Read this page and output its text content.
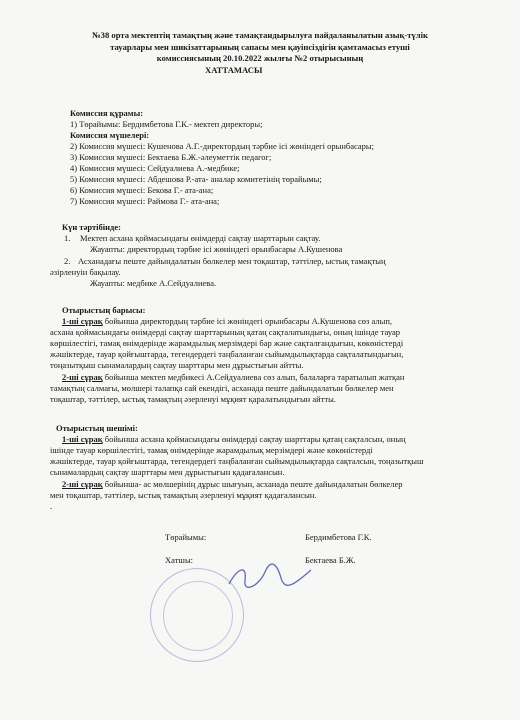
№38 орта мектептің тамақтың және тамақтандырылуға пайдаланылатын азық-түлік
тауарлары мен шикізаттарының сапасы мен қауіпсіздігін қамтамасыз етуші
комиссиясының 20.10.2022 жылғы №2 отырысының
ХАТТАМАСЫ
Комиссия құрамы:
1) Төрайымы: Бердимбетова Г.К.- мектеп директоры;
Комиссия мүшелері:
2) Комиссия мүшесі: Кушенова А.Г.-директордың тәрбие ісі жөніндегі орынбасары;
3) Комиссия мүшесі: Бектаева Б.Ж.-әлеуметтік педагог;
4) Комиссия мүшесі: Сейдуалиева А.-медбике;
5) Комиссия мүшесі: Абдешова Р.-ата- аналар комитетінің төрайымы;
6) Комиссия мүшесі: Бекова Г.- ата-ана;
7) Комиссия мүшесі: Раймова Г.- ата-ана;
Күн тәртібінде:
1. Мектеп асхана қоймасындағы өнімдерді сақтау шарттарын сақтау.
Жауапты: директордың тәрбие ісі жөніндегі орынбасары А.Кушенова
2. Асханадағы пеште дайындалатын бөлкелер мен тоқаштар, тәттілер, ыстық тамақтың
әзірленуін бақылау.
Жауапты: медбике А.Сейдуалиева.
Отырыстың барысы:
1-ші сұрақ бойынша директордың тәрбие ісі жөніндегі орынбасары А.Кушенова сөз алып,
асхана қоймасындағы өнімдерді сақтау шарттарының қатаң сақталатындығы, оның ішінде тауар
көршілестігі, тамақ өнімдерінде жарамдылық мерзімдері бар және сақталғандығын, көкөністерді
жәшіктерде, тауар қойғыштарда, тегендердегі таңбаланған сыйымдылықтарда сақталатындығын,
тоңазытқыш сынамалардың сақтау шарттары мен дұрыстығын айтты.
2-ші сұрақ бойынша мектеп медбикесі А.Сейдуалиева сөз алып, балаларға таратылып жатқан
тамақтың салмағы, мөлшері талапқа сай екендігі, асханада пеште дайындалатын бөлкелер мен
тоқаштар, тәттілер, ыстық тамақтың әзерленуі мұқият қаралатындығын айтты.
Отырыстың шешімі:
1-ші сұрақ бойынша асхана қоймасындағы өнімдерді сақтау шарттары қатаң сақталсын, оның
ішінде тауар көршілестігі, тамақ өнімдерінде жарамдылық мерзімдері және көкөністерді
жәшіктерде, тауар қойғыштарда, тегендердегі таңбаланған сыйымдылықтарда сақталсын, тоңазытқыш
сынамалардың сақтау шарттары мен дұрыстығын қадағалансын.
2-ші сұрақ бойынша- ас мөлшерінің дұрыс шығуын, асханада пеште дайындалатын бөлкелер
мен тоқаштар, тәттілер, ыстық тамақтың әзерленуі мұқият қадағалансын.
.
Төрайымы:	Бердимбетова Г.К.
Хатшы:	Бектаева Б.Ж.
